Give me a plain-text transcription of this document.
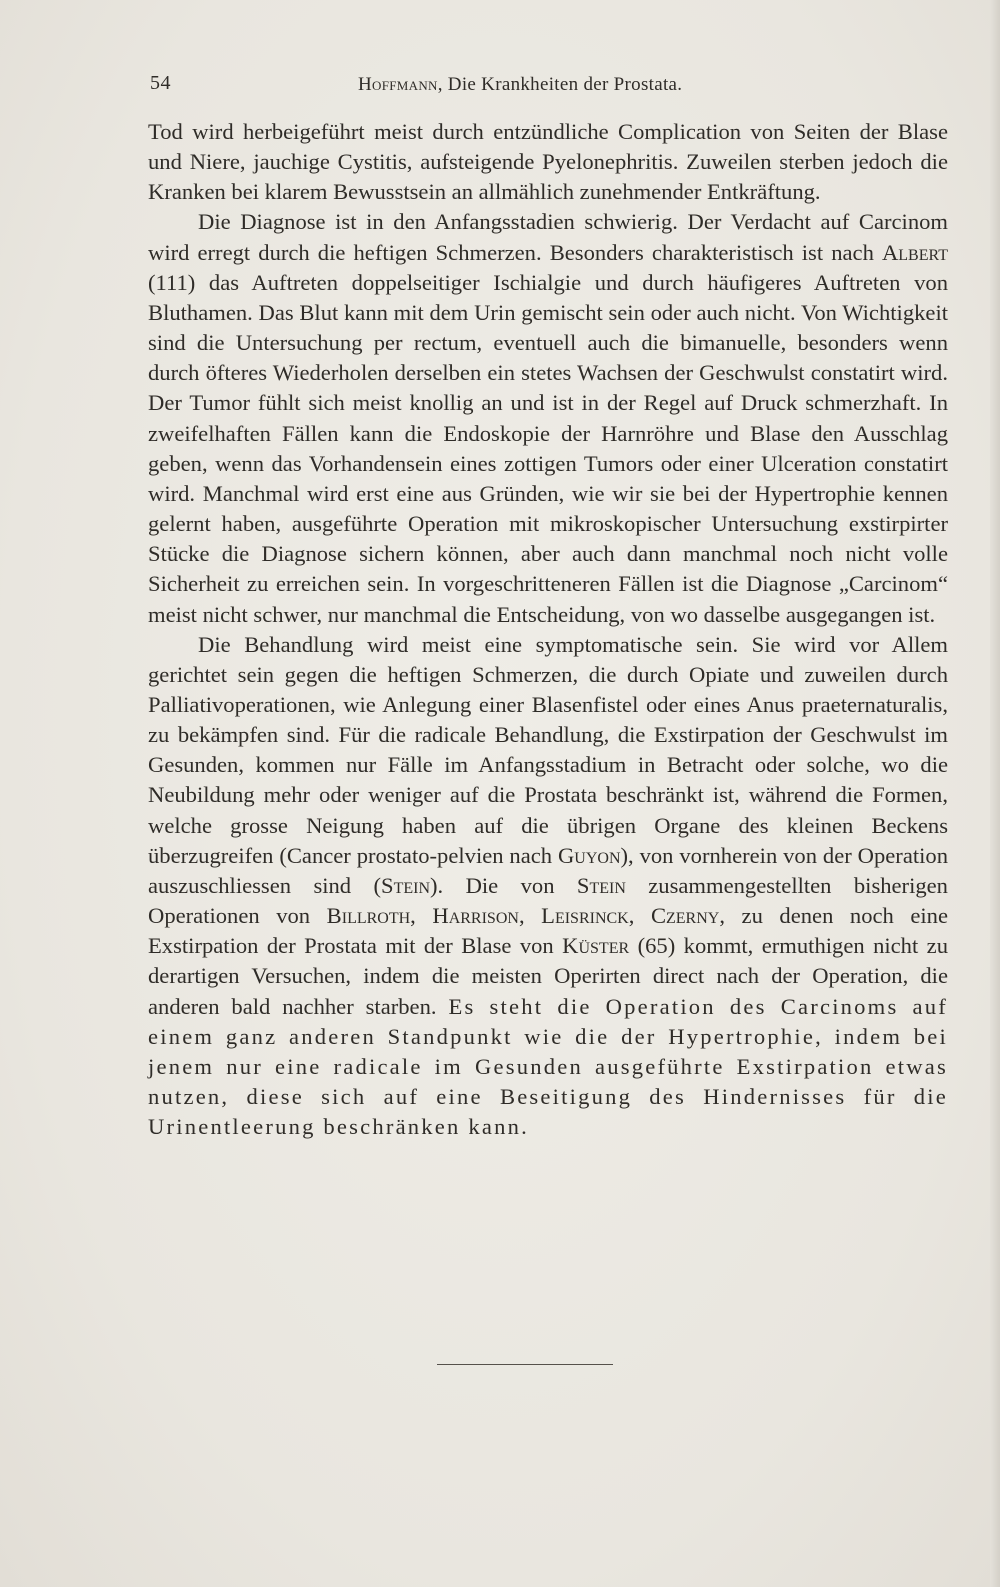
54	Hoffmann, Die Krankheiten der Prostata.

Tod wird herbeigeführt meist durch entzündliche Complication von Seiten der Blase und Niere, jauchige Cystitis, aufsteigende Pyelonephritis. Zuweilen sterben jedoch die Kranken bei klarem Bewusstsein an allmählich zunehmender Entkräftung.

Die Diagnose ist in den Anfangsstadien schwierig. Der Verdacht auf Carcinom wird erregt durch die heftigen Schmerzen. Besonders charakteristisch ist nach Albert (111) das Auftreten doppelseitiger Ischialgie und durch häufigeres Auftreten von Bluthamen. Das Blut kann mit dem Urin gemischt sein oder auch nicht. Von Wichtigkeit sind die Untersuchung per rectum, eventuell auch die bimanuelle, besonders wenn durch öfteres Wiederholen derselben ein stetes Wachsen der Geschwulst constatirt wird. Der Tumor fühlt sich meist knollig an und ist in der Regel auf Druck schmerzhaft. In zweifelhaften Fällen kann die Endoskopie der Harnröhre und Blase den Ausschlag geben, wenn das Vorhandensein eines zottigen Tumors oder einer Ulceration constatirt wird. Manchmal wird erst eine aus Gründen, wie wir sie bei der Hypertrophie kennen gelernt haben, ausgeführte Operation mit mikroskopischer Untersuchung exstirpirter Stücke die Diagnose sichern können, aber auch dann manchmal noch nicht volle Sicherheit zu erreichen sein. In vorgeschritteneren Fällen ist die Diagnose „Carcinom“ meist nicht schwer, nur manchmal die Entscheidung, von wo dasselbe ausgegangen ist.

Die Behandlung wird meist eine symptomatische sein. Sie wird vor Allem gerichtet sein gegen die heftigen Schmerzen, die durch Opiate und zuweilen durch Palliativoperationen, wie Anlegung einer Blasenfistel oder eines Anus praeternaturalis, zu bekämpfen sind. Für die radicale Behandlung, die Exstirpation der Geschwulst im Gesunden, kommen nur Fälle im Anfangsstadium in Betracht oder solche, wo die Neubildung mehr oder weniger auf die Prostata beschränkt ist, während die Formen, welche grosse Neigung haben auf die übrigen Organe des kleinen Beckens überzugreifen (Cancer prostato-pelvien nach Guyon), von vornherein von der Operation auszuschliessen sind (Stein). Die von Stein zusammengestellten bisherigen Operationen von Billroth, Harrison, Leisrinck, Czerny, zu denen noch eine Exstirpation der Prostata mit der Blase von Küster (65) kommt, ermuthigen nicht zu derartigen Versuchen, indem die meisten Operirten direct nach der Operation, die anderen bald nachher starben. Es steht die Operation des Carcinoms auf einem ganz anderen Standpunkt wie die der Hypertrophie, indem bei jenem nur eine radicale im Gesunden ausgeführte Exstirpation etwas nutzen, diese sich auf eine Beseitigung des Hindernisses für die Urinentleerung beschränken kann.
